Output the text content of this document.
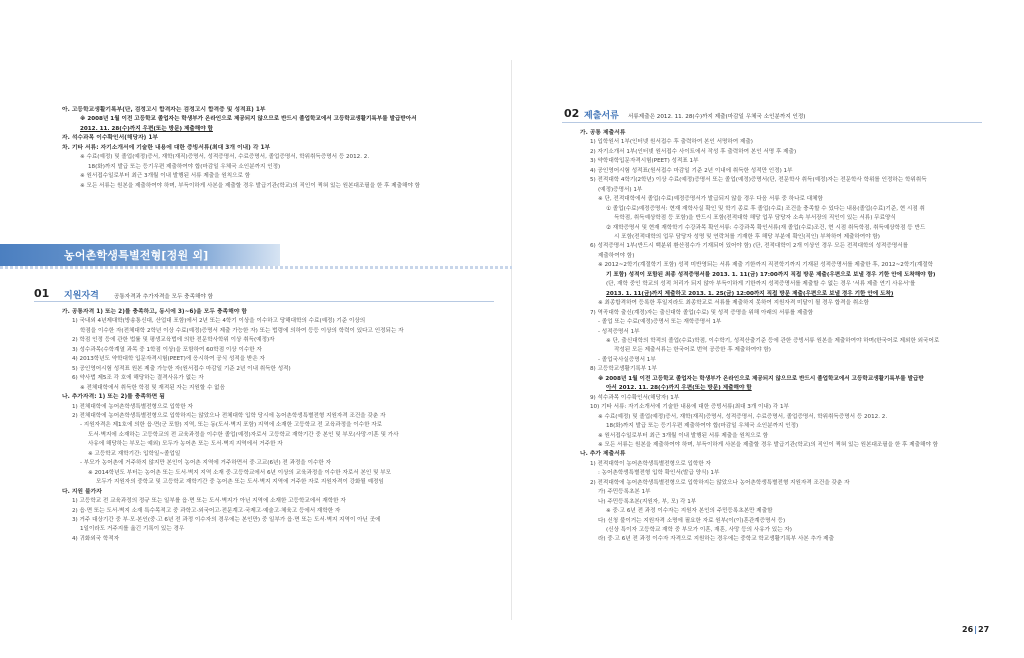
아. 고등학교생활기록부(단, 검정고시 합격자는 검정고시 합격증 및 성적표) 1부
※ 2008년 1월 이전 고등학교 졸업자는 학생부가 온라인으로 제공되지 않으므로 반드시 졸업학교에서 고등학교생활기록부를 발급받아서
2012. 11. 28(수)까지 우편(또는 방문) 제출해야 함
자. 석수과목 이수확인서(해당자) 1부
차. 기타 서류: 자기소개서에 기술한 내용에 대한 증빙서류(최대 3개 이내) 각 1부
※ 수료(예정) 및 졸업(예정)증서, 재학(재직)증명서, 성적증명서, 수료증명서, 졸업증명서, 학위취득증명서 등 2012. 2.
18(화)까지 발급 또는 등기우편 제출하여야 합(마감일 우체국 소인분까지 인정)
※ 원서접수일로부터 최근 3개월 이내 발행된 서류 제출을 원칙으로 함
※ 모든 서류는 원본을 제출하여야 하며, 부득이하게 사본을 제출할 경우 발급기관(학교)의 직인이 찍혀 있는 원본대조필을 한 후 제출해야 함
농어촌학생특별전형[정원 외]
01 지원자격	공통자격과 추가자격을 모두 충족해야 함
가. 공통자격 1) 또는 2)를 충족하고, 동시에 3)~6)을 모두 충족해야 함
1) 국내외 4년제대학(방송통신대, 산업대 포함)에서 2년 또는 4학기 이상을 이수하고 당해대학의 수료(예정) 기준 이상의
학점을 이수한 자(전체대학 2학년 이상 수료(예정)증명서 제출 가능한 자) 또는 법령에 의하여 등등 이상의 학력이 있다고 인정되는 자
2) 학점 인정 등에 관한 법률 및 평생교육법에 의한 전문학사학위 이상 취득(예정)자
3) 성수과목(수학계열 과목 중 1학점 이상)을 포함하여 60학점 이상 이수한 자
4) 2013학년도 약학대학 입문자격시험(PEET)에 응시하여 공식 성적을 받은 자
5) 공인영어시험 성적표 원본 제출 가능한 자(원서접수 마감일 기준 2년 이내 취득한 성적)
6) 약사법 제5조 각 호에 해당하는 결격사유가 없는 자
※ 전체대학에서 취득한 학점 및 재적된 자는 지원할 수 없음
나. 추가자격: 1) 또는 2)를 충족하면 됨
1) 전체대학에 농어촌학생특별전형으로 입학한 자
2) 전체대학에 농어촌학생특별전형으로 입학하지는 않았으나 전체대학 입학 당시에 농어촌학생특별전형 지원자격 조건을 갖춘 자
- 지원자격은 제1호에 의한 읍·면(군 포함) 지역, 또는 동(도서·벽지 포함) 지역에 소재한 고등학교 전 교육과정을 이수한 자로
도서·벽지에 소재하는 고등학교의 전 교육과정을 이수한 졸업(예정)자로서 고등학교 재학기간 중 본인 및 부모(사망·이혼 및 가사
사유에 해당하는 부모는 예외) 모두가 농어촌 또는 도서·벽지 지역에서 거주한 자
※ 고등학교 재학기간: 입학일~졸업일
- 부모가 농어촌에 거주하지 않지만 본인이 농어촌 지역에 거주하면서 중·고교(6년) 전 과정을 이수한 자
※ 2014학년도 부터는 농어촌 또는 도서·벽지 지역 소재 중·고등학교에서 6년 이상의 교육과정을 이수한 자로서 본인 및 부모
모두가 지원자의 중학교 및 고등학교 재학기간 중 농어촌 또는 도서·벽지 지역에 거주한 자로 지원자격이 강화될 예정임
다. 지원 불가자
1) 고등학교 전 교육과정의 정규 또는 일부를 읍·면 또는 도서·벽지가 아닌 지역에 소재한 고등학교에서 재학한 자
2) 읍·면 또는 도서·벽지 소재 특수목적고 중 과학고·외국어고·전문계고·국제고·예술고·체육고 등에서 재학한 자
3) 거주 대상기간 중 부·모·본인(중·고 6년 전 과정 이수자의 경우에는 본인만) 중 일부가 읍·면 또는 도서·벽지 지역이 아닌 곳에
1일이라도 거주지를 옮긴 기록이 있는 경우
4) 귀화외국 학적자
02 제출서류 서류제출은 2012. 11. 28(수)까지 제출(마감일 우체국 소인분까지 인정)
가. 공통 제출서류
1) 입학원서 1부(인터넷 원서접수 후 출력하여 본인 서명하여 제출)
2) 자기소개서 1부(인터넷 원서접수 사이트에서 작성 후 출력하여 본인 서명 후 제출)
3) 약학대학입문자격시험(PEET) 성적표 1부
4) 공인영어시험 성적표(원서접수 마감일 기준 2년 이내에 취득한 성적만 인정) 1부
5) 전적대학 4학기(2학년) 이상 수료(예정)증명서 또는 졸업(예정)증명서(단, 전문학사 취득(예정)자는 전문학사 학위를 인정하는 학위취득
(예정)증명서) 1부
※ 단, 전적대학에서 졸업(수료)예정증명서가 발급되지 않을 경우 다음 서류 중 하나로 대체함
① 졸업(수료)예정증명서: 현재 재학사실 확인 및 학기 종료 후 졸업(수료) 조건을 충족할 수 있다는 내용(졸업(수료)기준, 현 시점 취
득학점, 취득예상학점 등 포함)을 반드시 포함(전적대학 해당 업무 담당자 소속 부서장의 직인이 있는 서류) 무료양식
② 재학증명서 및 현재 재학학기 수강과목 확인서류: 수강과목 확인서류(재 졸업(수료)조건, 현 시점 취득학점, 취득예상학점 등 반드
시 포함(전적대학의 업무 담당자 성명 및 연락처를 기재한 후 해당 부분에 확인(직인) 부착하여 제출하여야 함)
6) 성적증명서 1부(반드시 백분위 환산점수가 기재되어 있어야 함) (단, 전적대학이 2개 이상인 경우 모든 전적대학의 성적증명서를
제출하여야 함)
※ 2012~2학기(계절학기 포함) 성적 미반영되는 서류 제출 기한까지 직전학기까지 기재된 성적증명서를 제출한 후, 2012~2학기(계절학
기 포함) 성적이 포함된 최종 성적증명서를 2013. 1. 11(금) 17:00까지 직접 방문 제출(우편으로 보낼 경우 기한 안에 도착해야 함)
(단, 재학 중인 학교의 성적 처리가 되지 않아 부득이하게 기한까지 성적증명서를 제출할 수 없는 경우 '서류 제출 연기 사유서'를
2013. 1. 11(금)까지 제출하고 2013. 1. 25(금) 12:00까지 직접 방문 제출(우편으로 보낼 경우 기한 안에 도착)
※ 최종합격하여 등록한 후일지라도 최종학교로 서류를 제출하지 못하여 지원자격 미달이 될 경우 합격을 취소함
7) 역곡대학 출신(계정)자는 출신대학 졸업(수료) 및 성적 증명을 위해 아래의 서류를 제출함
- 졸업 또는 수료(예정)증명서 또는 재학증명서 1부
- 성적증명서 1부
※ 단, 출신대학의 학적의 졸업(수료)학점, 이수학기, 성적산출기준 등에 관한 증빙서류 원본을 제출하여야 하며(한국어로 제외한 외국어로
작성된 모든 제출서류는 한국어로 번역 공증한 후 제출하여야 함)
- 졸업국사실증명서 1부
8) 고등학교생활기록부 1부
※ 2008년 1월 이전 고등학교 졸업자는 학생부가 온라인으로 제공되지 않으므로 반드시 졸업학교에서 고등학교생활기록부를 발급받
아서 2012. 11. 28(수)까지 우편(또는 방문) 제출해야 함
9) 석수과목 이수확인서(해당자) 1부
10) 기타 서류: 자기소개서에 기술한 내용에 대한 증빙서류(최대 3개 이내) 각 1부
※ 수료(예정) 및 졸업(예정)증서, 재학(재직)증명서, 성적증명서, 수료증명서, 졸업증명서, 학위취득증명서 등 2012. 2.
18(화)까지 발급 또는 등기우편 제출하여야 합(마감일 우체국 소인분까지 인정)
※ 원서접수일로부터 최근 3개월 이내 발행된 서류 제출을 원칙으로 함
※ 모든 서류는 원본을 제출하여야 하며, 부득이하게 사본을 제출할 경우 발급기관(학교)의 직인이 찍혀 있는 원본대조필을 한 후 제출해야 함
나. 추가 제출서류
1) 전적대학이 농어촌학생특별전형으로 입학한 자
: 농어촌학생특별전형 입학 확인서(발급 양식) 1부
2) 전적대학에 농어촌학생특별전형으로 입학하지는 않았으나 농어촌학생특별전형 지원자격 조건을 갖춘 자
가) 주민등록초본 1부
나) 주민등록초본(지원자, 부, 모) 각 1부
※ 중·고 6년 전 과정 이수자는 지원자 본인의 주민등록초본만 제출함
다) 신청 불이거는 지원자격 소명에 필요한 자료 원부(이(이)혼관계증명서 등)
(신상 특이자 고등학교 재학 중 부모가 이혼, 재혼, 사망 등의 사유가 있는 자)
라) 중·고 6년 전 과정 이수자 자격으로 지원하는 경우에는 중학교 학교생활기록부 사본 추가 제출
26|27
